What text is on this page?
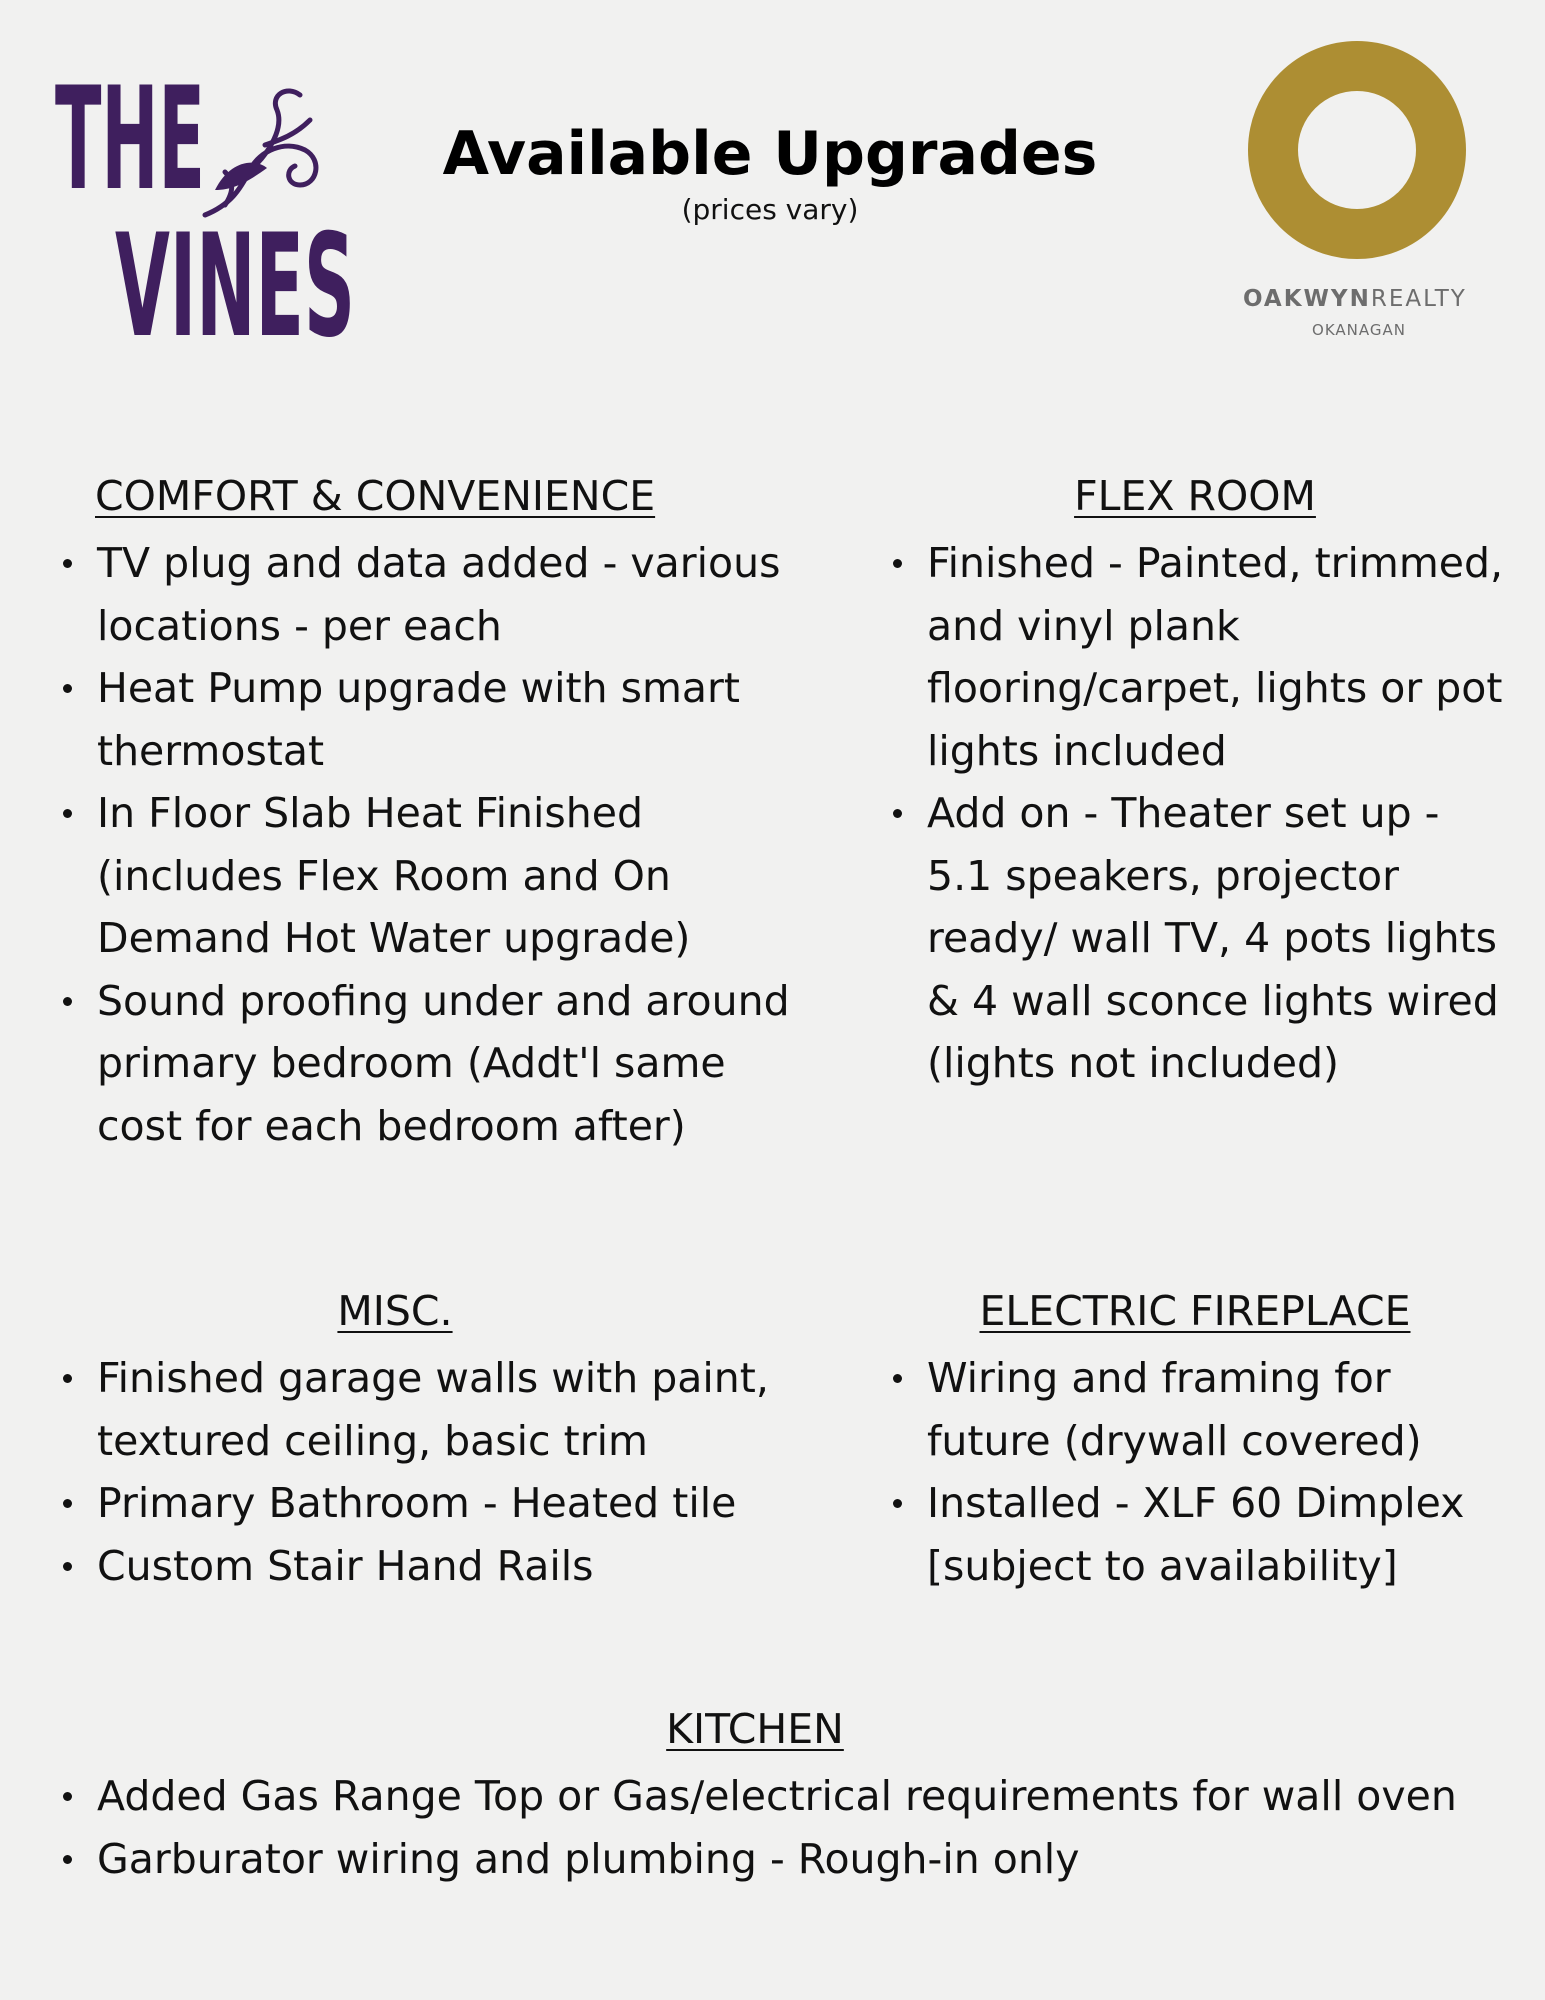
THE
VINES
Available Upgrades
(prices vary)
OAKWYNREALTY
OKANAGAN
COMFORT & CONVENIENCE
TV plug and data added - various locations - per each
Heat Pump upgrade with smart thermostat
In Floor Slab Heat Finished (includes Flex Room and On Demand Hot Water upgrade)
Sound proofing under and around primary bedroom (Addt'l same cost for each bedroom after)
FLEX ROOM
Finished - Painted, trimmed, and vinyl plank flooring/carpet, lights or pot lights included
Add on - Theater set up - 5.1 speakers, projector ready/ wall TV, 4 pots lights & 4 wall sconce lights wired (lights not included)
MISC.
Finished garage walls with paint, textured ceiling, basic trim
Primary Bathroom - Heated tile
Custom Stair Hand Rails
ELECTRIC FIREPLACE
Wiring and framing for future (drywall covered)
Installed - XLF 60 Dimplex [subject to availability]
KITCHEN
Added Gas Range Top or Gas/electrical requirements for wall oven
Garburator wiring and plumbing - Rough-in only
